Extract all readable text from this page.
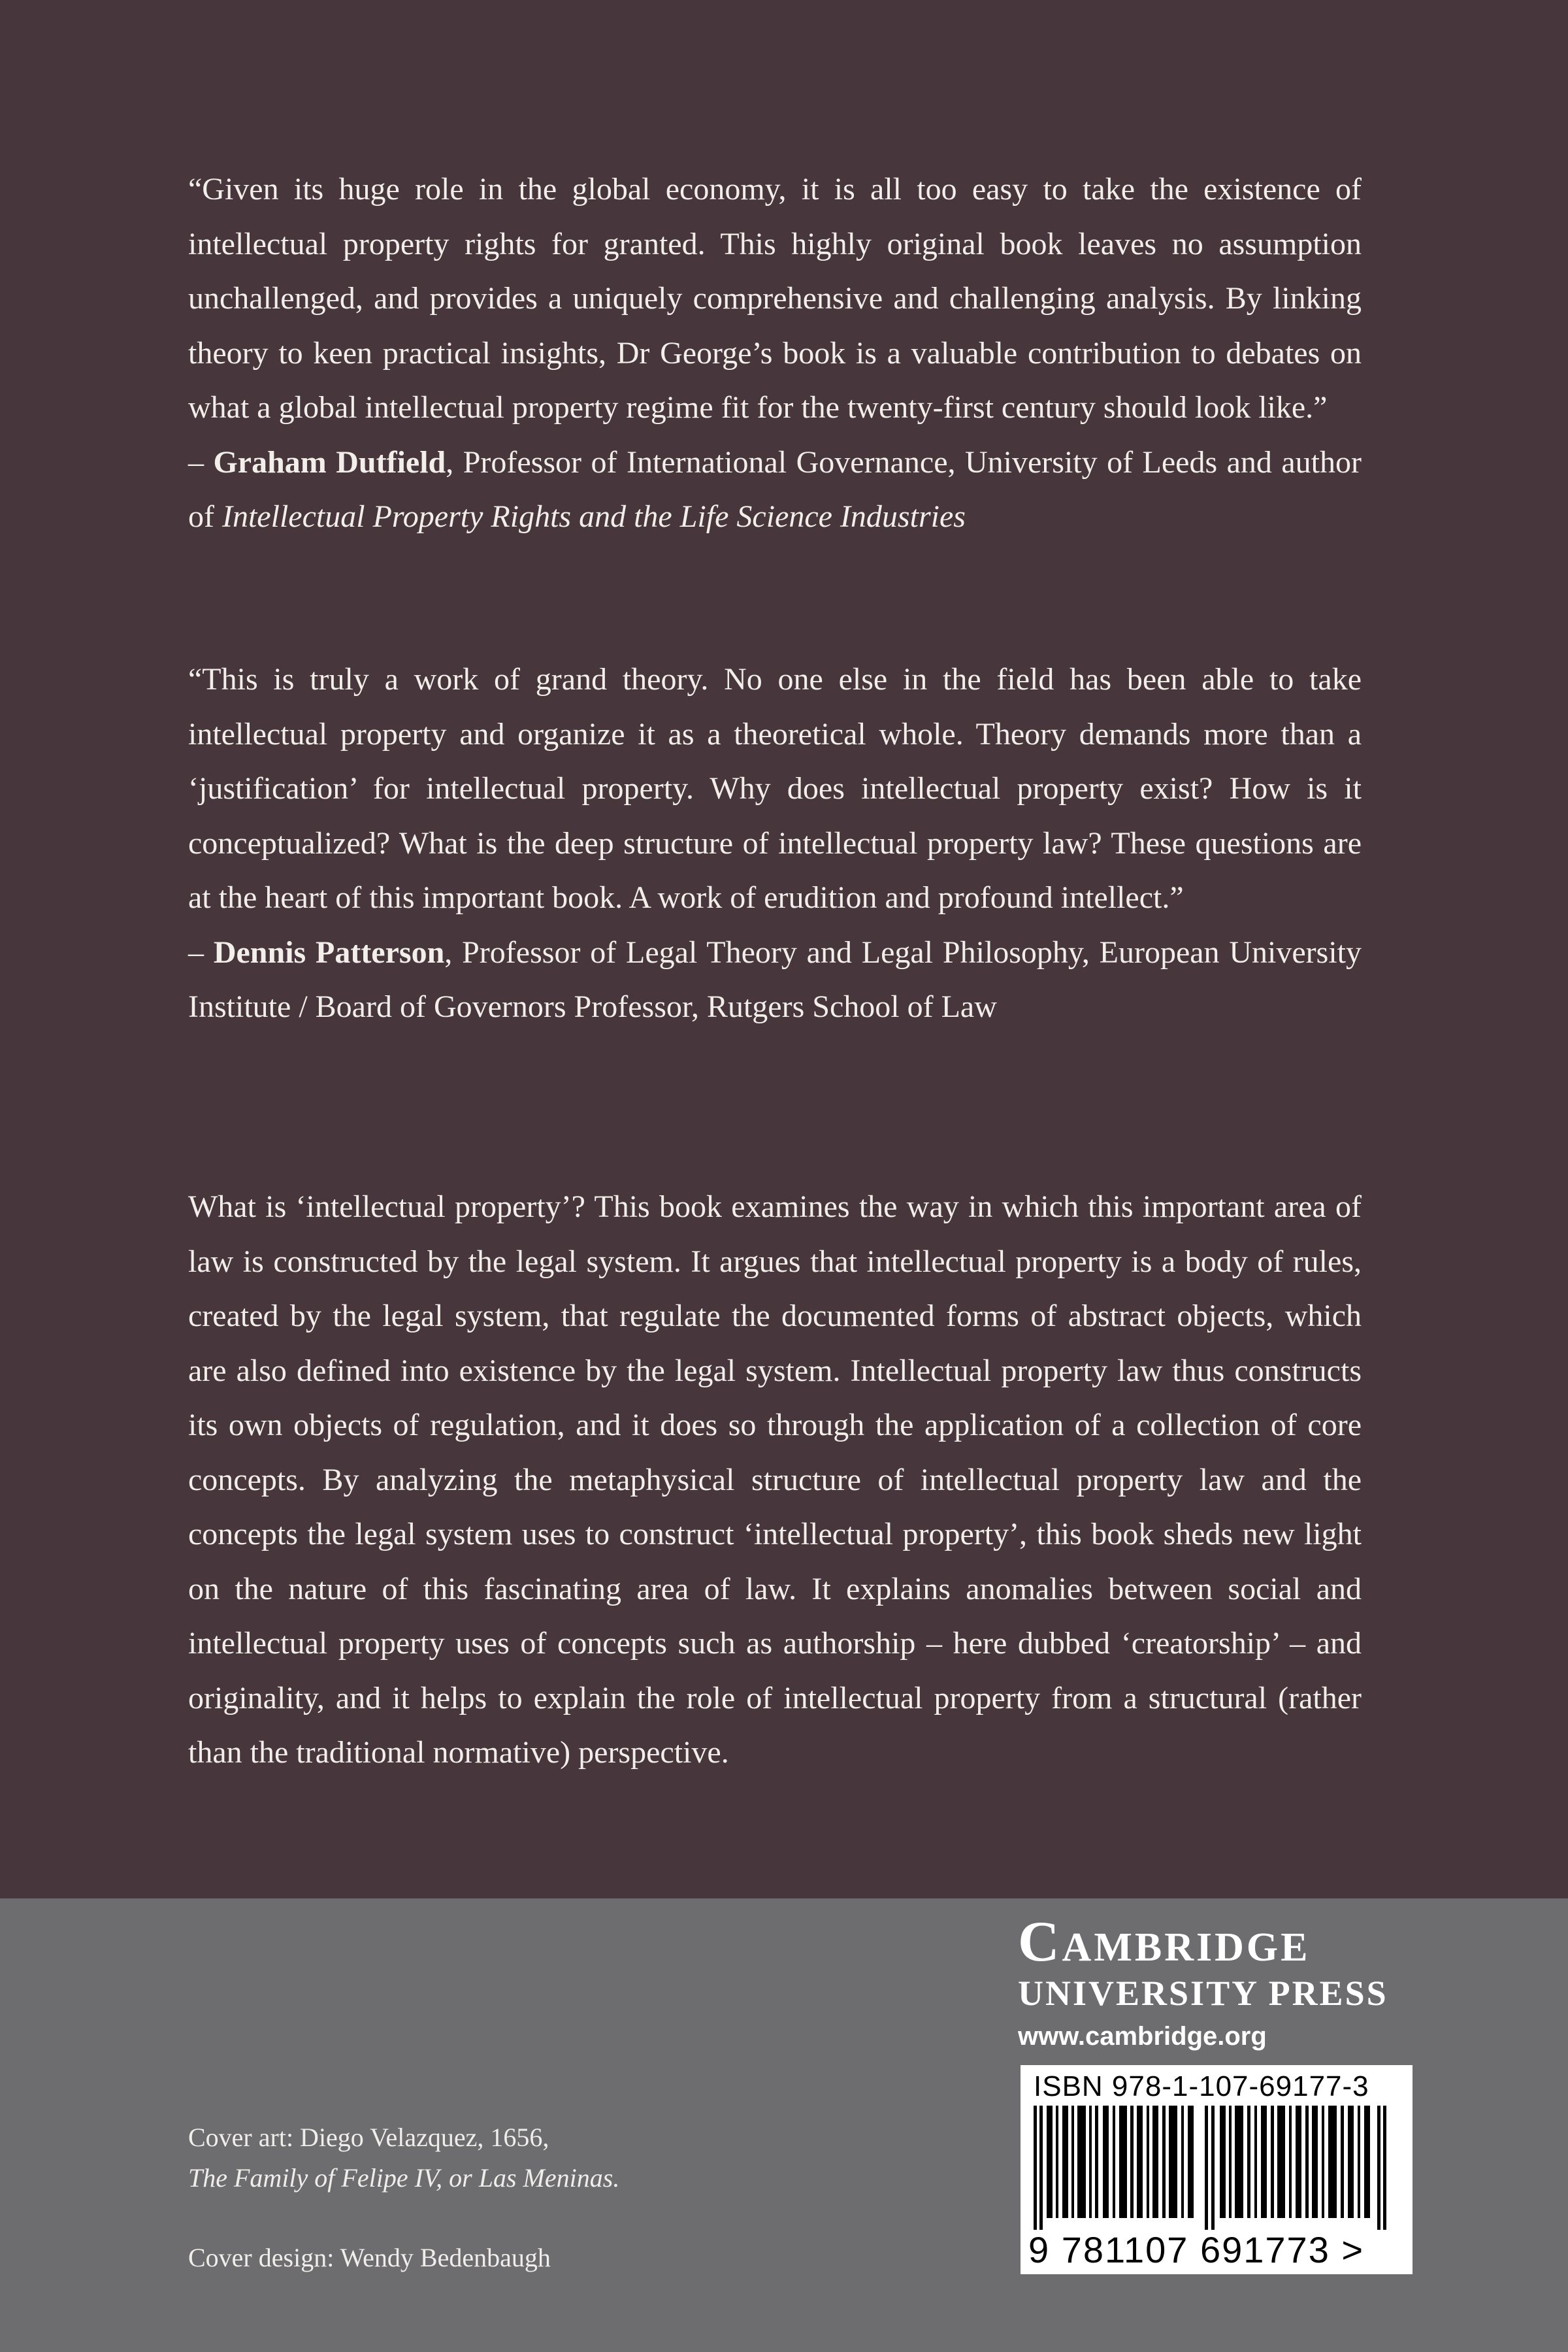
“Given its huge role in the global economy, it is all too easy to take the existence of intellectual property rights for granted. This highly original book leaves no assumption unchallenged, and provides a uniquely comprehensive and challenging analysis. By linking theory to keen practical insights, Dr George’s book is a valuable contribution to debates on what a global intellectual property regime fit for the twenty-first century should look like.”

– Graham Dutfield, Professor of International Governance, University of Leeds and author of Intellectual Property Rights and the Life Science Industries

“This is truly a work of grand theory. No one else in the field has been able to take intellectual property and organize it as a theoretical whole. Theory demands more than a ‘justification’ for intellectual property. Why does intellectual property exist? How is it conceptualized? What is the deep structure of intellectual property law? These questions are at the heart of this important book. A work of erudition and profound intellect.”

– Dennis Patterson, Professor of Legal Theory and Legal Philosophy, European University Institute / Board of Governors Professor, Rutgers School of Law

What is ‘intellectual property’? This book examines the way in which this important area of law is constructed by the legal system. It argues that intellectual property is a body of rules, created by the legal system, that regulate the documented forms of abstract objects, which are also defined into existence by the legal system. Intellectual property law thus constructs its own objects of regulation, and it does so through the application of a collection of core concepts. By analyzing the metaphysical structure of intellectual property law and the concepts the legal system uses to construct ‘intellectual property’, this book sheds new light on the nature of this fascinating area of law. It explains anomalies between social and intellectual property uses of concepts such as authorship – here dubbed ‘creatorship’ – and originality, and it helps to explain the role of intellectual property from a structural (rather than the traditional normative) perspective.

Cover art: Diego Velazquez, 1656,
The Family of Felipe IV, or Las Meninas.
Cover design: Wendy Bedenbaugh
Cambridge
UNIVERSITY PRESS
www.cambridge.org
ISBN 978-1-107-69177-3
9 781107 691773 >
